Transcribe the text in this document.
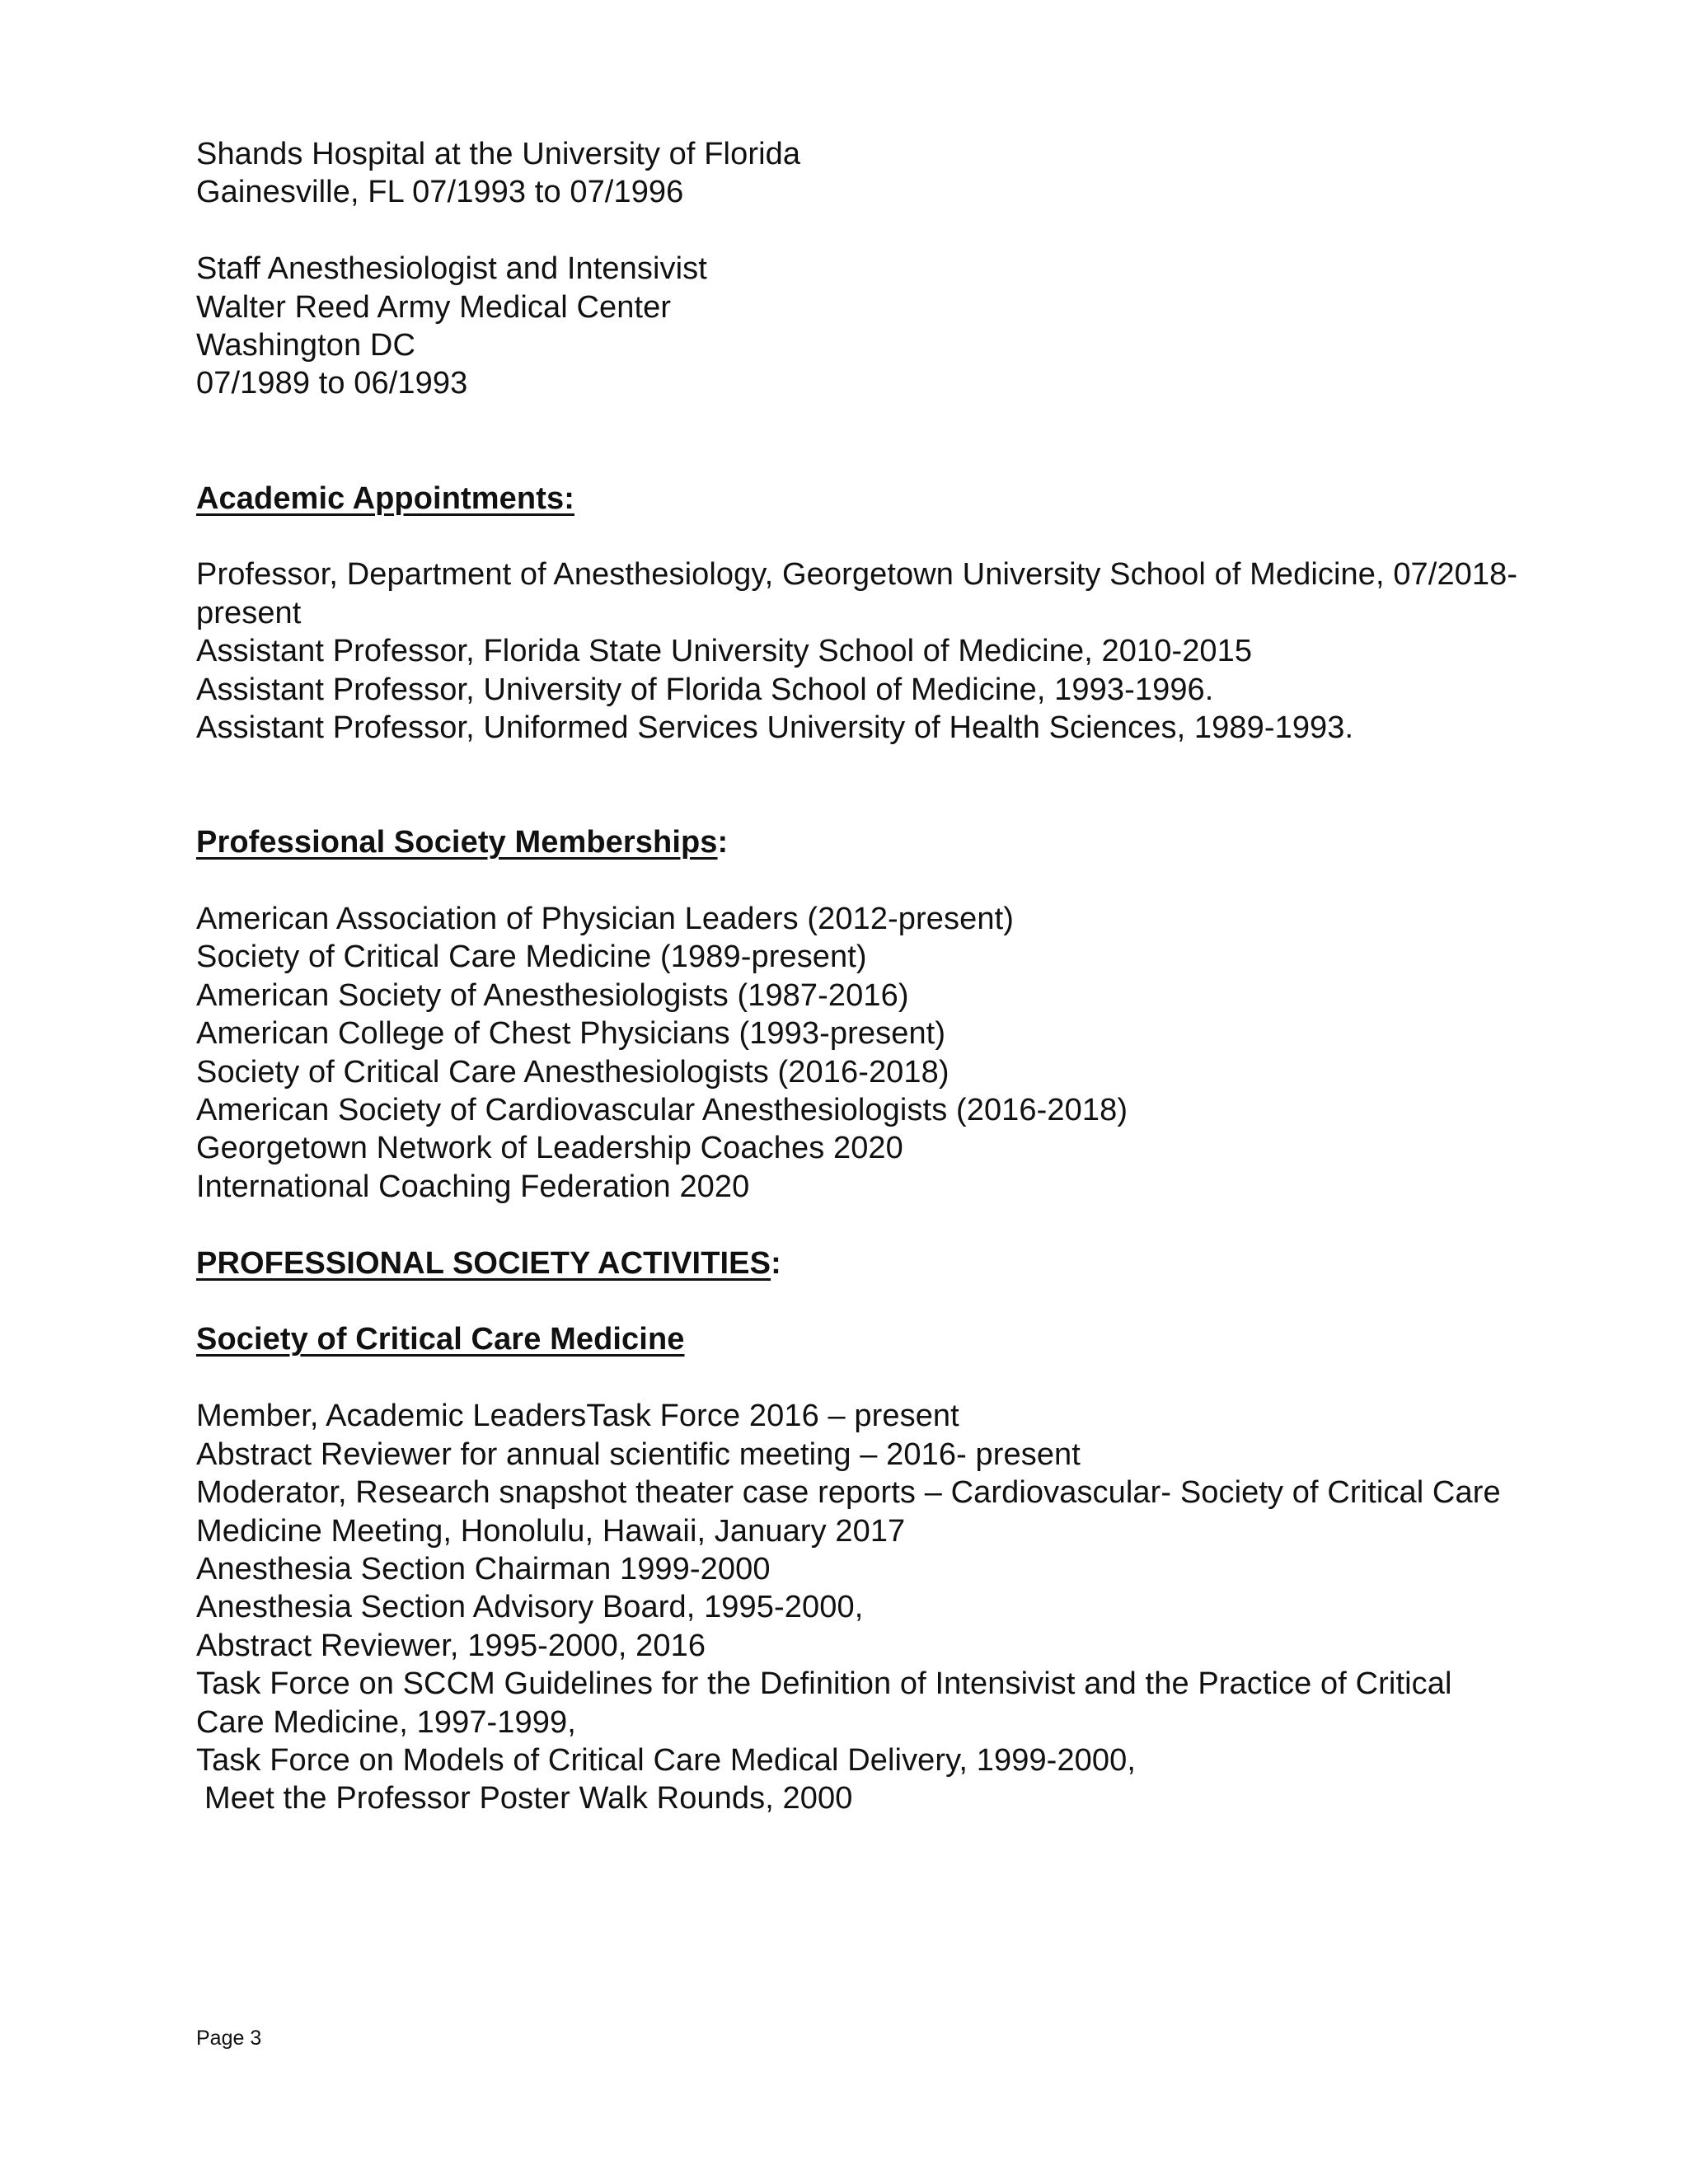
Shands Hospital at the University of Florida
Gainesville, FL 07/1993 to 07/1996
Staff Anesthesiologist and Intensivist
Walter Reed Army Medical Center
Washington DC
07/1989 to 06/1993
Academic Appointments:
Professor, Department of Anesthesiology, Georgetown University School of Medicine, 07/2018-
present
Assistant Professor, Florida State University School of Medicine, 2010-2015
Assistant Professor, University of Florida School of Medicine, 1993-1996.
Assistant Professor, Uniformed Services University of Health Sciences, 1989-1993.
Professional Society Memberships:
American Association of Physician Leaders (2012-present)
Society of Critical Care Medicine (1989-present)
American Society of Anesthesiologists (1987-2016)
American College of Chest Physicians (1993-present)
Society of Critical Care Anesthesiologists (2016-2018)
American Society of Cardiovascular Anesthesiologists (2016-2018)
Georgetown Network of Leadership Coaches 2020
International Coaching Federation 2020
PROFESSIONAL SOCIETY ACTIVITIES:
Society of Critical Care Medicine
Member, Academic LeadersTask Force 2016 – present
Abstract Reviewer for annual scientific meeting – 2016- present
Moderator, Research snapshot theater case reports – Cardiovascular- Society of Critical Care
Medicine Meeting, Honolulu, Hawaii, January 2017
Anesthesia Section Chairman 1999-2000
Anesthesia Section Advisory Board, 1995-2000,
Abstract Reviewer, 1995-2000, 2016
Task Force on SCCM Guidelines for the Definition of Intensivist and the Practice of Critical
Care Medicine, 1997-1999,
Task Force on Models of Critical Care Medical Delivery, 1999-2000,
Meet the Professor Poster Walk Rounds, 2000
Page 3
